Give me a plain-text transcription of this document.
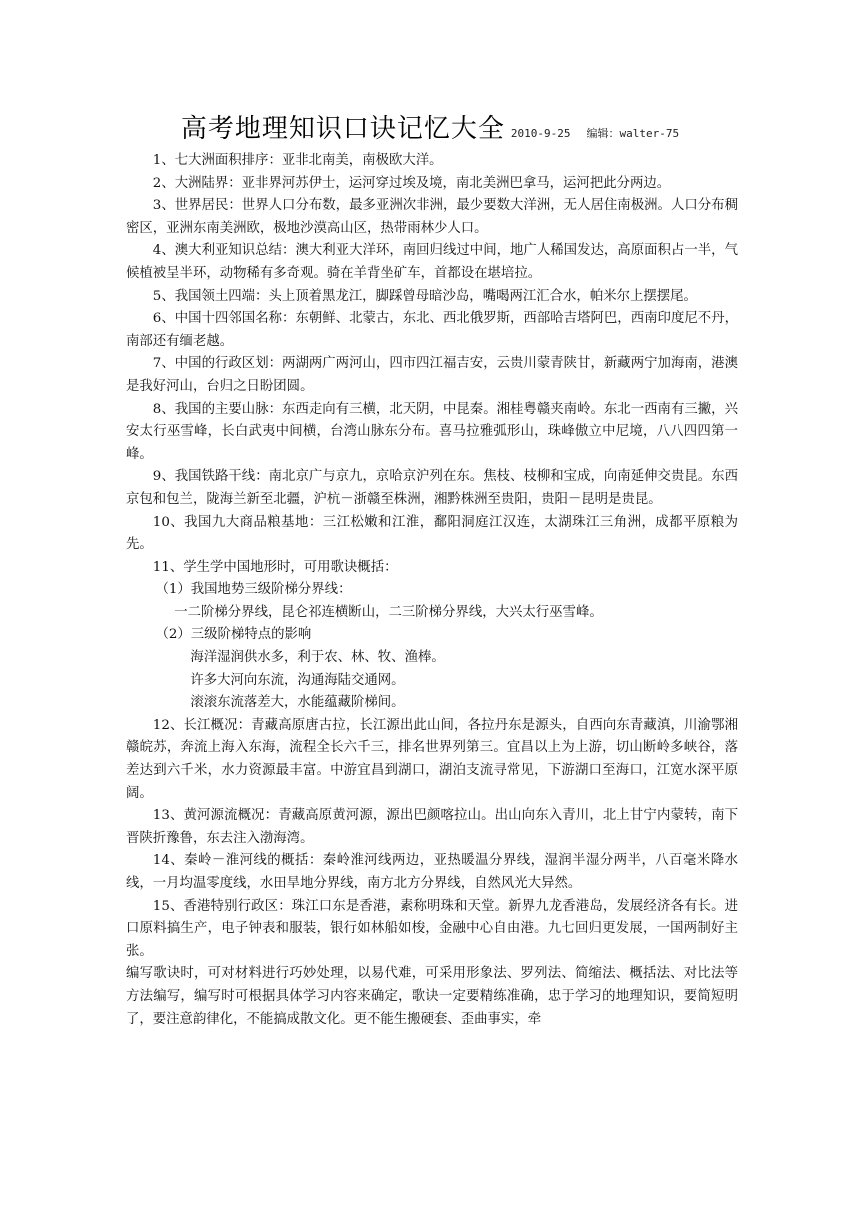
高考地理知识口诀记忆大全 2010-9-25 编辑：walter-75

1、七大洲面积排序：亚非北南美，南极欧大洋。

2、大洲陆界：亚非界河苏伊士，运河穿过埃及境，南北美洲巴拿马，运河把此分两边。

3、世界居民：世界人口分布数，最多亚洲次非洲，最少要数大洋洲，无人居住南极洲。人口分布稠密区，亚洲东南美洲欧，极地沙漠高山区，热带雨林少人口。

4、澳大利亚知识总结：澳大利亚大洋环，南回归线过中间，地广人稀国发达，高原面积占一半，气候植被呈半环，动物稀有多奇观。骑在羊背坐矿车，首都设在堪培拉。

5、我国领土四端：头上顶着黑龙江，脚踩曾母暗沙岛，嘴喝两江汇合水，帕米尔上摆摆尾。

6、中国十四邻国名称：东朝鲜、北蒙古，东北、西北俄罗斯，西部哈吉塔阿巴，西南印度尼不丹，南部还有缅老越。

7、中国的行政区划：两湖两广两河山，四市四江福吉安，云贵川蒙青陕甘，新藏两宁加海南，港澳是我好河山，台归之日盼团圆。

8、我国的主要山脉：东西走向有三横，北天阴，中昆秦。湘桂粤赣夹南岭。东北一西南有三撇，兴安太行巫雪峰，长白武夷中间横，台湾山脉东分布。喜马拉雅弧形山，珠峰傲立中尼境，八八四四第一峰。

9、我国铁路干线：南北京广与京九，京哈京沪列在东。焦枝、枝柳和宝成，向南延伸交贵昆。东西京包和包兰，陇海兰新至北疆，沪杭－浙赣至株洲，湘黔株洲至贵阳，贵阳－昆明是贵昆。

10、我国九大商品粮基地：三江松嫩和江淮，鄱阳洞庭江汉连，太湖珠江三角洲，成都平原粮为先。

11、学生学中国地形时，可用歌诀概括：

（1）我国地势三级阶梯分界线：

一二阶梯分界线，昆仑祁连横断山，二三阶梯分界线，大兴太行巫雪峰。

（2）三级阶梯特点的影响

海洋湿润供水多，利于农、林、牧、渔棒。

许多大河向东流，沟通海陆交通网。

滚滚东流落差大，水能蕴藏阶梯间。

12、长江概况：青藏高原唐古拉，长江源出此山间，各拉丹东是源头，自西向东青藏滇，川渝鄂湘赣皖苏，奔流上海入东海，流程全长六千三，排名世界列第三。宜昌以上为上游，切山断岭多峡谷，落差达到六千米，水力资源最丰富。中游宜昌到湖口，湖泊支流寻常见，下游湖口至海口，江宽水深平原阔。

13、黄河源流概况：青藏高原黄河源，源出巴颜喀拉山。出山向东入青川，北上甘宁内蒙转，南下晋陕折豫鲁，东去注入渤海湾。

14、秦岭－淮河线的概括：秦岭淮河线两边，亚热暖温分界线，湿润半湿分两半，八百毫米降水线，一月均温零度线，水田旱地分界线，南方北方分界线，自然风光大异然。

15、香港特别行政区：珠江口东是香港，素称明珠和天堂。新界九龙香港岛，发展经济各有长。进口原料搞生产，电子钟表和服装，银行如林船如梭，金融中心自由港。九七回归更发展，一国两制好主张。

编写歌诀时，可对材料进行巧妙处理，以易代难，可采用形象法、罗列法、简缩法、概括法、对比法等方法编写，编写时可根据具体学习内容来确定，歌诀一定要精练准确，忠于学习的地理知识，要简短明了，要注意韵律化，不能搞成散文化。更不能生搬硬套、歪曲事实，牵
